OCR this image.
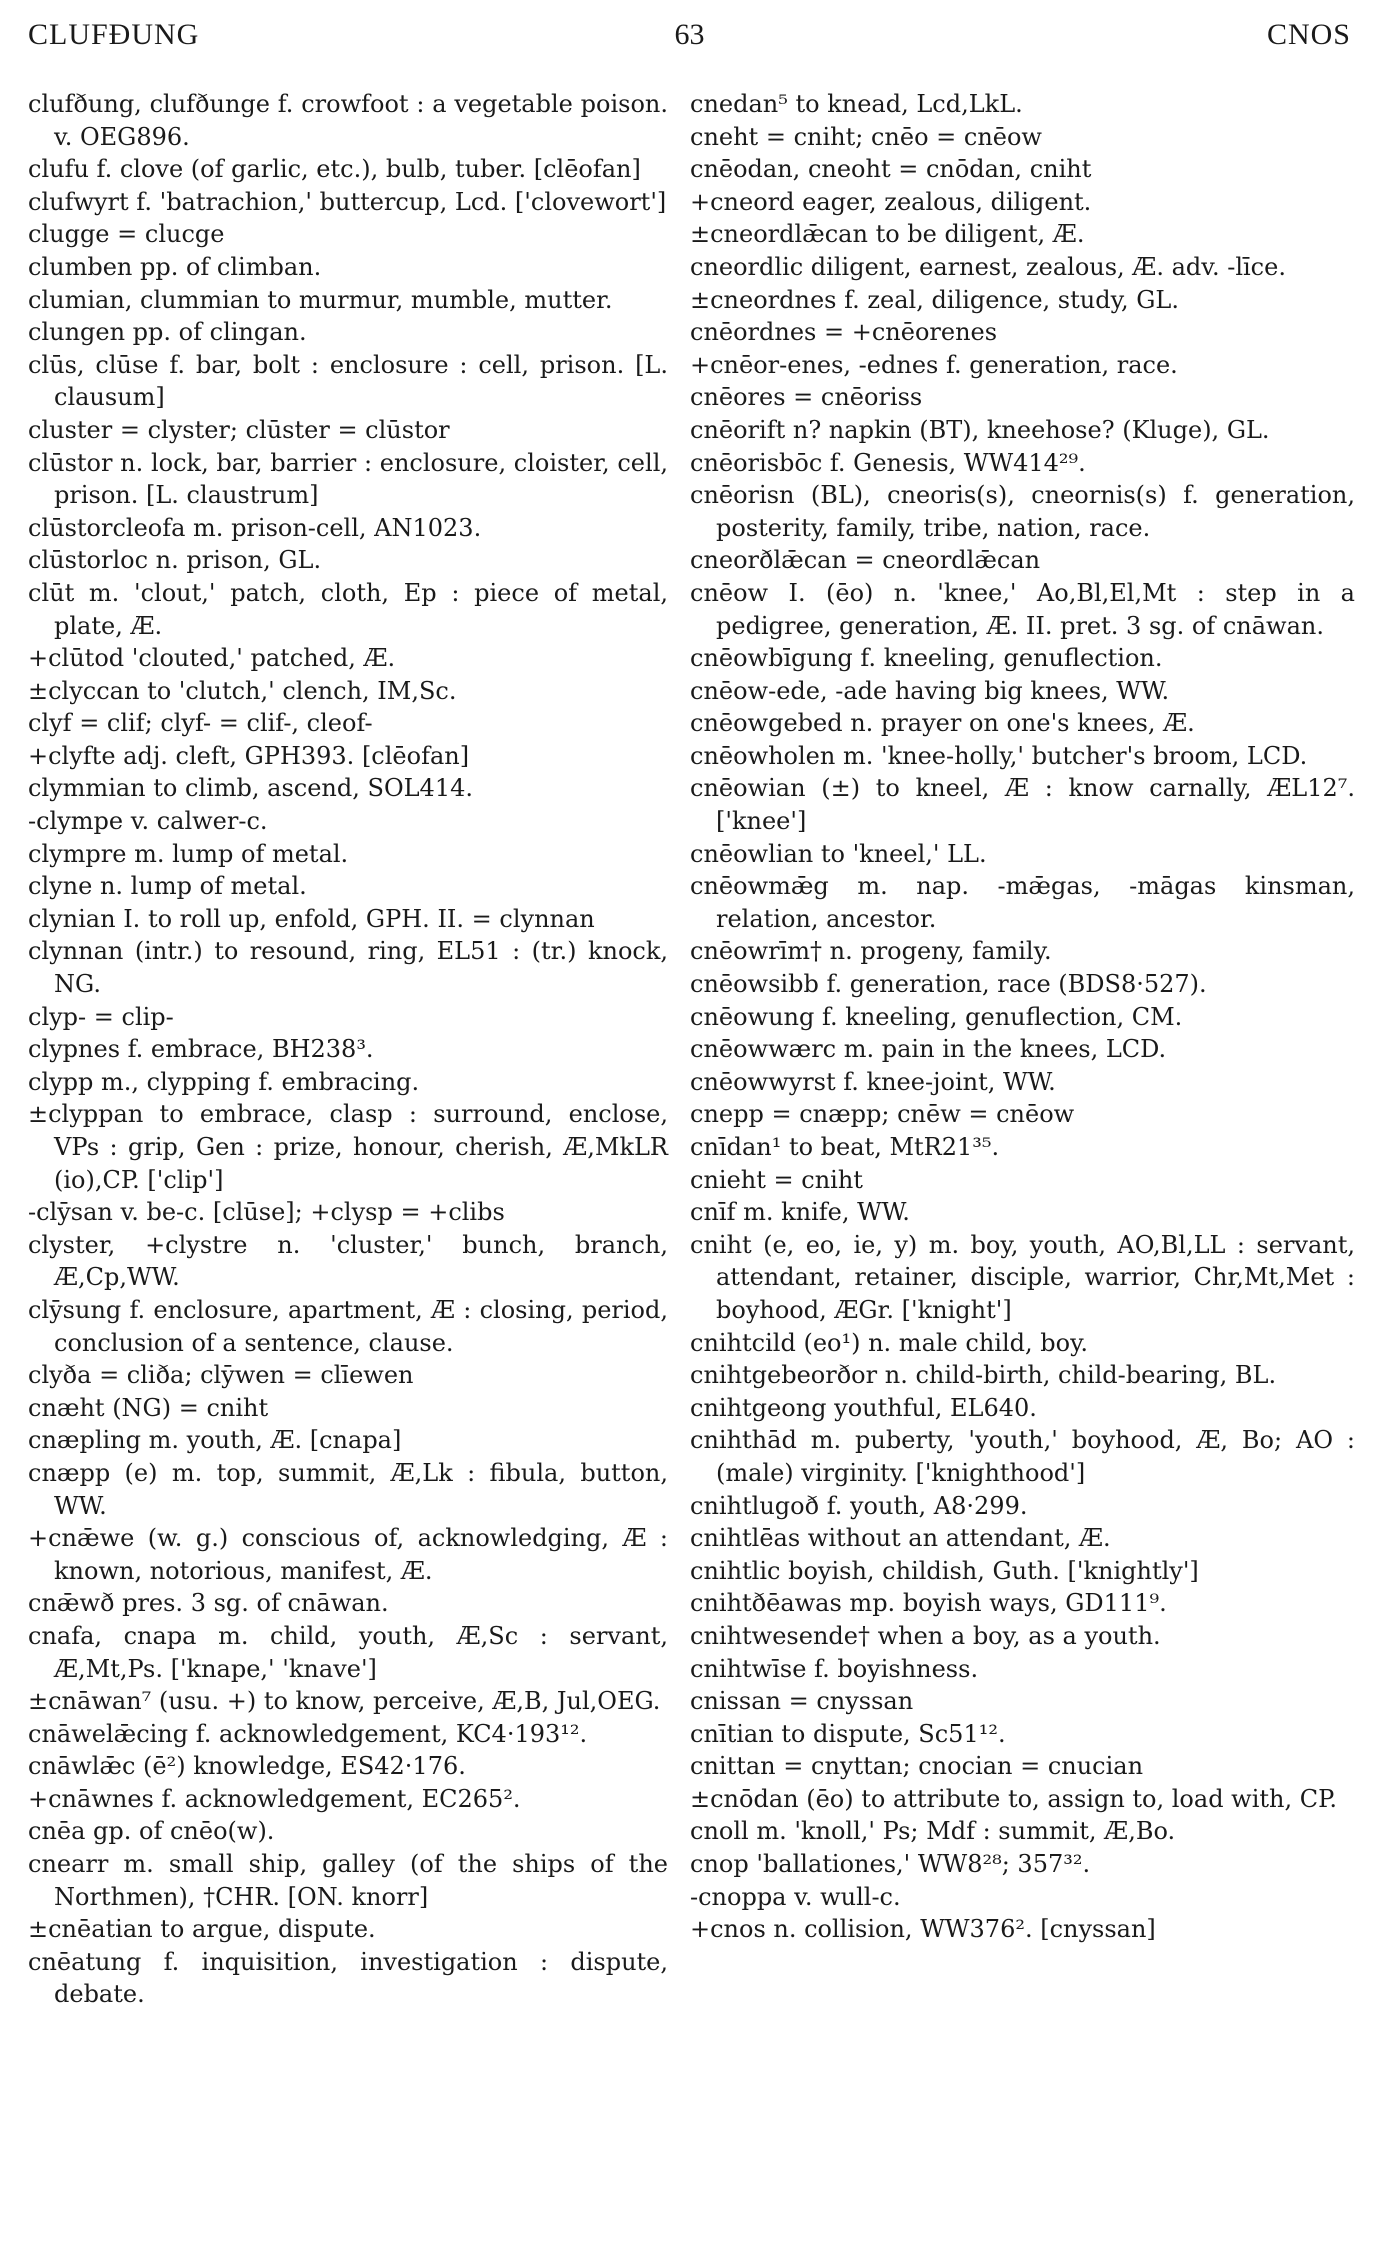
CLUFÐUNG	63	CNOS
clufðung, clufðunge f. crowfoot : a vegetable poison. v. OEG896.
clufu f. clove (of garlic, etc.), bulb, tuber. [clēofan]
clufwyrt f. 'batrachion,' buttercup, Lcd. ['clovewort']
clugge = clucge
clumben pp. of climban.
clumian, clummian to murmur, mumble, mutter.
clungen pp. of clingan.
clūs, clūse f. bar, bolt : enclosure : cell, prison. [L. clausum]
cluster = clyster; clūster = clūstor
clūstor n. lock, bar, barrier : enclosure, cloister, cell, prison. [L. claustrum]
clūstorcleofa m. prison-cell, AN1023.
clūstorloc n. prison, GL.
clūt m. 'clout,' patch, cloth, Ep : piece of metal, plate, Æ.
+clūtod 'clouted,' patched, Æ.
±clyccan to 'clutch,' clench, IM,Sc.
clyf = clif; clyf- = clif-, cleof-
+clyfte adj. cleft, GPH393. [clēofan]
clymmian to climb, ascend, SOL414.
-clympe v. calwer-c.
clympre m. lump of metal.
clyne n. lump of metal.
clynian I. to roll up, enfold, GPH. II. = clynnan
clynnan (intr.) to resound, ring, EL51 : (tr.) knock, NG.
clyp- = clip-
clypnes f. embrace, BH238³.
clypp m., clypping f. embracing.
±clyppan to embrace, clasp : surround, enclose, VPs : grip, Gen : prize, honour, cherish, Æ,MkLR (io),CP. ['clip']
-clȳsan v. be-c. [clūse]; +clysp = +clibs
clyster, +clystre n. 'cluster,' bunch, branch, Æ,Cp,WW.
clȳsung f. enclosure, apartment, Æ : closing, period, conclusion of a sentence, clause.
clyða = cliða; clȳwen = clīewen
cnæht (NG) = cniht
cnæpling m. youth, Æ. [cnapa]
cnæpp (e) m. top, summit, Æ,Lk : fibula, button, WW.
+cnǣwe (w. g.) conscious of, acknowledging, Æ : known, notorious, manifest, Æ.
cnǣwð pres. 3 sg. of cnāwan.
cnafa, cnapa m. child, youth, Æ,Sc : servant, Æ,Mt,Ps. ['knape,' 'knave']
±cnāwan⁷ (usu. +) to know, perceive, Æ,B, Jul,OEG.
cnāwelǣcing f. acknowledgement, KC4·193¹².
cnāwlǣc (ē²) knowledge, ES42·176.
+cnāwnes f. acknowledgement, EC265².
cnēa gp. of cnēo(w).
cnearr m. small ship, galley (of the ships of the Northmen), †CHR. [ON. knorr]
±cnēatian to argue, dispute.
cnēatung f. inquisition, investigation : dispute, debate.
cnedan⁵ to knead, Lcd,LkL.
cneht = cniht; cnēo = cnēow
cnēodan, cneoht = cnōdan, cniht
+cneord eager, zealous, diligent.
±cneordlǣcan to be diligent, Æ.
cneordlic diligent, earnest, zealous, Æ. adv. -līce.
±cneordnes f. zeal, diligence, study, GL.
cnēordnes = +cnēorenes
+cnēor-enes, -ednes f. generation, race.
cnēores = cnēoriss
cnēorift n? napkin (BT), kneehose? (Kluge), GL.
cnēorisbōc f. Genesis, WW414²⁹.
cnēorisn (BL), cneoris(s), cneornis(s) f. generation, posterity, family, tribe, nation, race.
cneorðlǣcan = cneordlǣcan
cnēow I. (ēo) n. 'knee,' Ao,Bl,El,Mt : step in a pedigree, generation, Æ. II. pret. 3 sg. of cnāwan.
cnēowbīgung f. kneeling, genuflection.
cnēow-ede, -ade having big knees, WW.
cnēowgebed n. prayer on one's knees, Æ.
cnēowholen m. 'knee-holly,' butcher's broom, LCD.
cnēowian (±) to kneel, Æ : know carnally, ÆL12⁷. ['knee']
cnēowlian to 'kneel,' LL.
cnēowmǣg m. nap. -mǣgas, -māgas kinsman, relation, ancestor.
cnēowrīm† n. progeny, family.
cnēowsibb f. generation, race (BDS8·527).
cnēowung f. kneeling, genuflection, CM.
cnēowwærc m. pain in the knees, LCD.
cnēowwyrst f. knee-joint, WW.
cnepp = cnæpp; cnēw = cnēow
cnīdan¹ to beat, MtR21³⁵.
cnieht = cniht
cnīf m. knife, WW.
cniht (e, eo, ie, y) m. boy, youth, AO,Bl,LL : servant, attendant, retainer, disciple, warrior, Chr,Mt,Met : boyhood, ÆGr. ['knight']
cnihtcild (eo¹) n. male child, boy.
cnihtgebeorðor n. child-birth, child-bearing, BL.
cnihtgeong youthful, EL640.
cnihthād m. puberty, 'youth,' boyhood, Æ, Bo; AO : (male) virginity. ['knighthood']
cnihtlugoð f. youth, A8·299.
cnihtlēas without an attendant, Æ.
cnihtlic boyish, childish, Guth. ['knightly']
cnihtðēawas mp. boyish ways, GD111⁹.
cnihtwesende† when a boy, as a youth.
cnihtwīse f. boyishness.
cnissan = cnyssan
cnītian to dispute, Sc51¹².
cnittan = cnyttan; cnocian = cnucian
±cnōdan (ēo) to attribute to, assign to, load with, CP.
cnoll m. 'knoll,' Ps; Mdf : summit, Æ,Bo.
cnop 'ballationes,' WW8²⁸; 357³².
-cnoppa v. wull-c.
+cnos n. collision, WW376². [cnyssan]
